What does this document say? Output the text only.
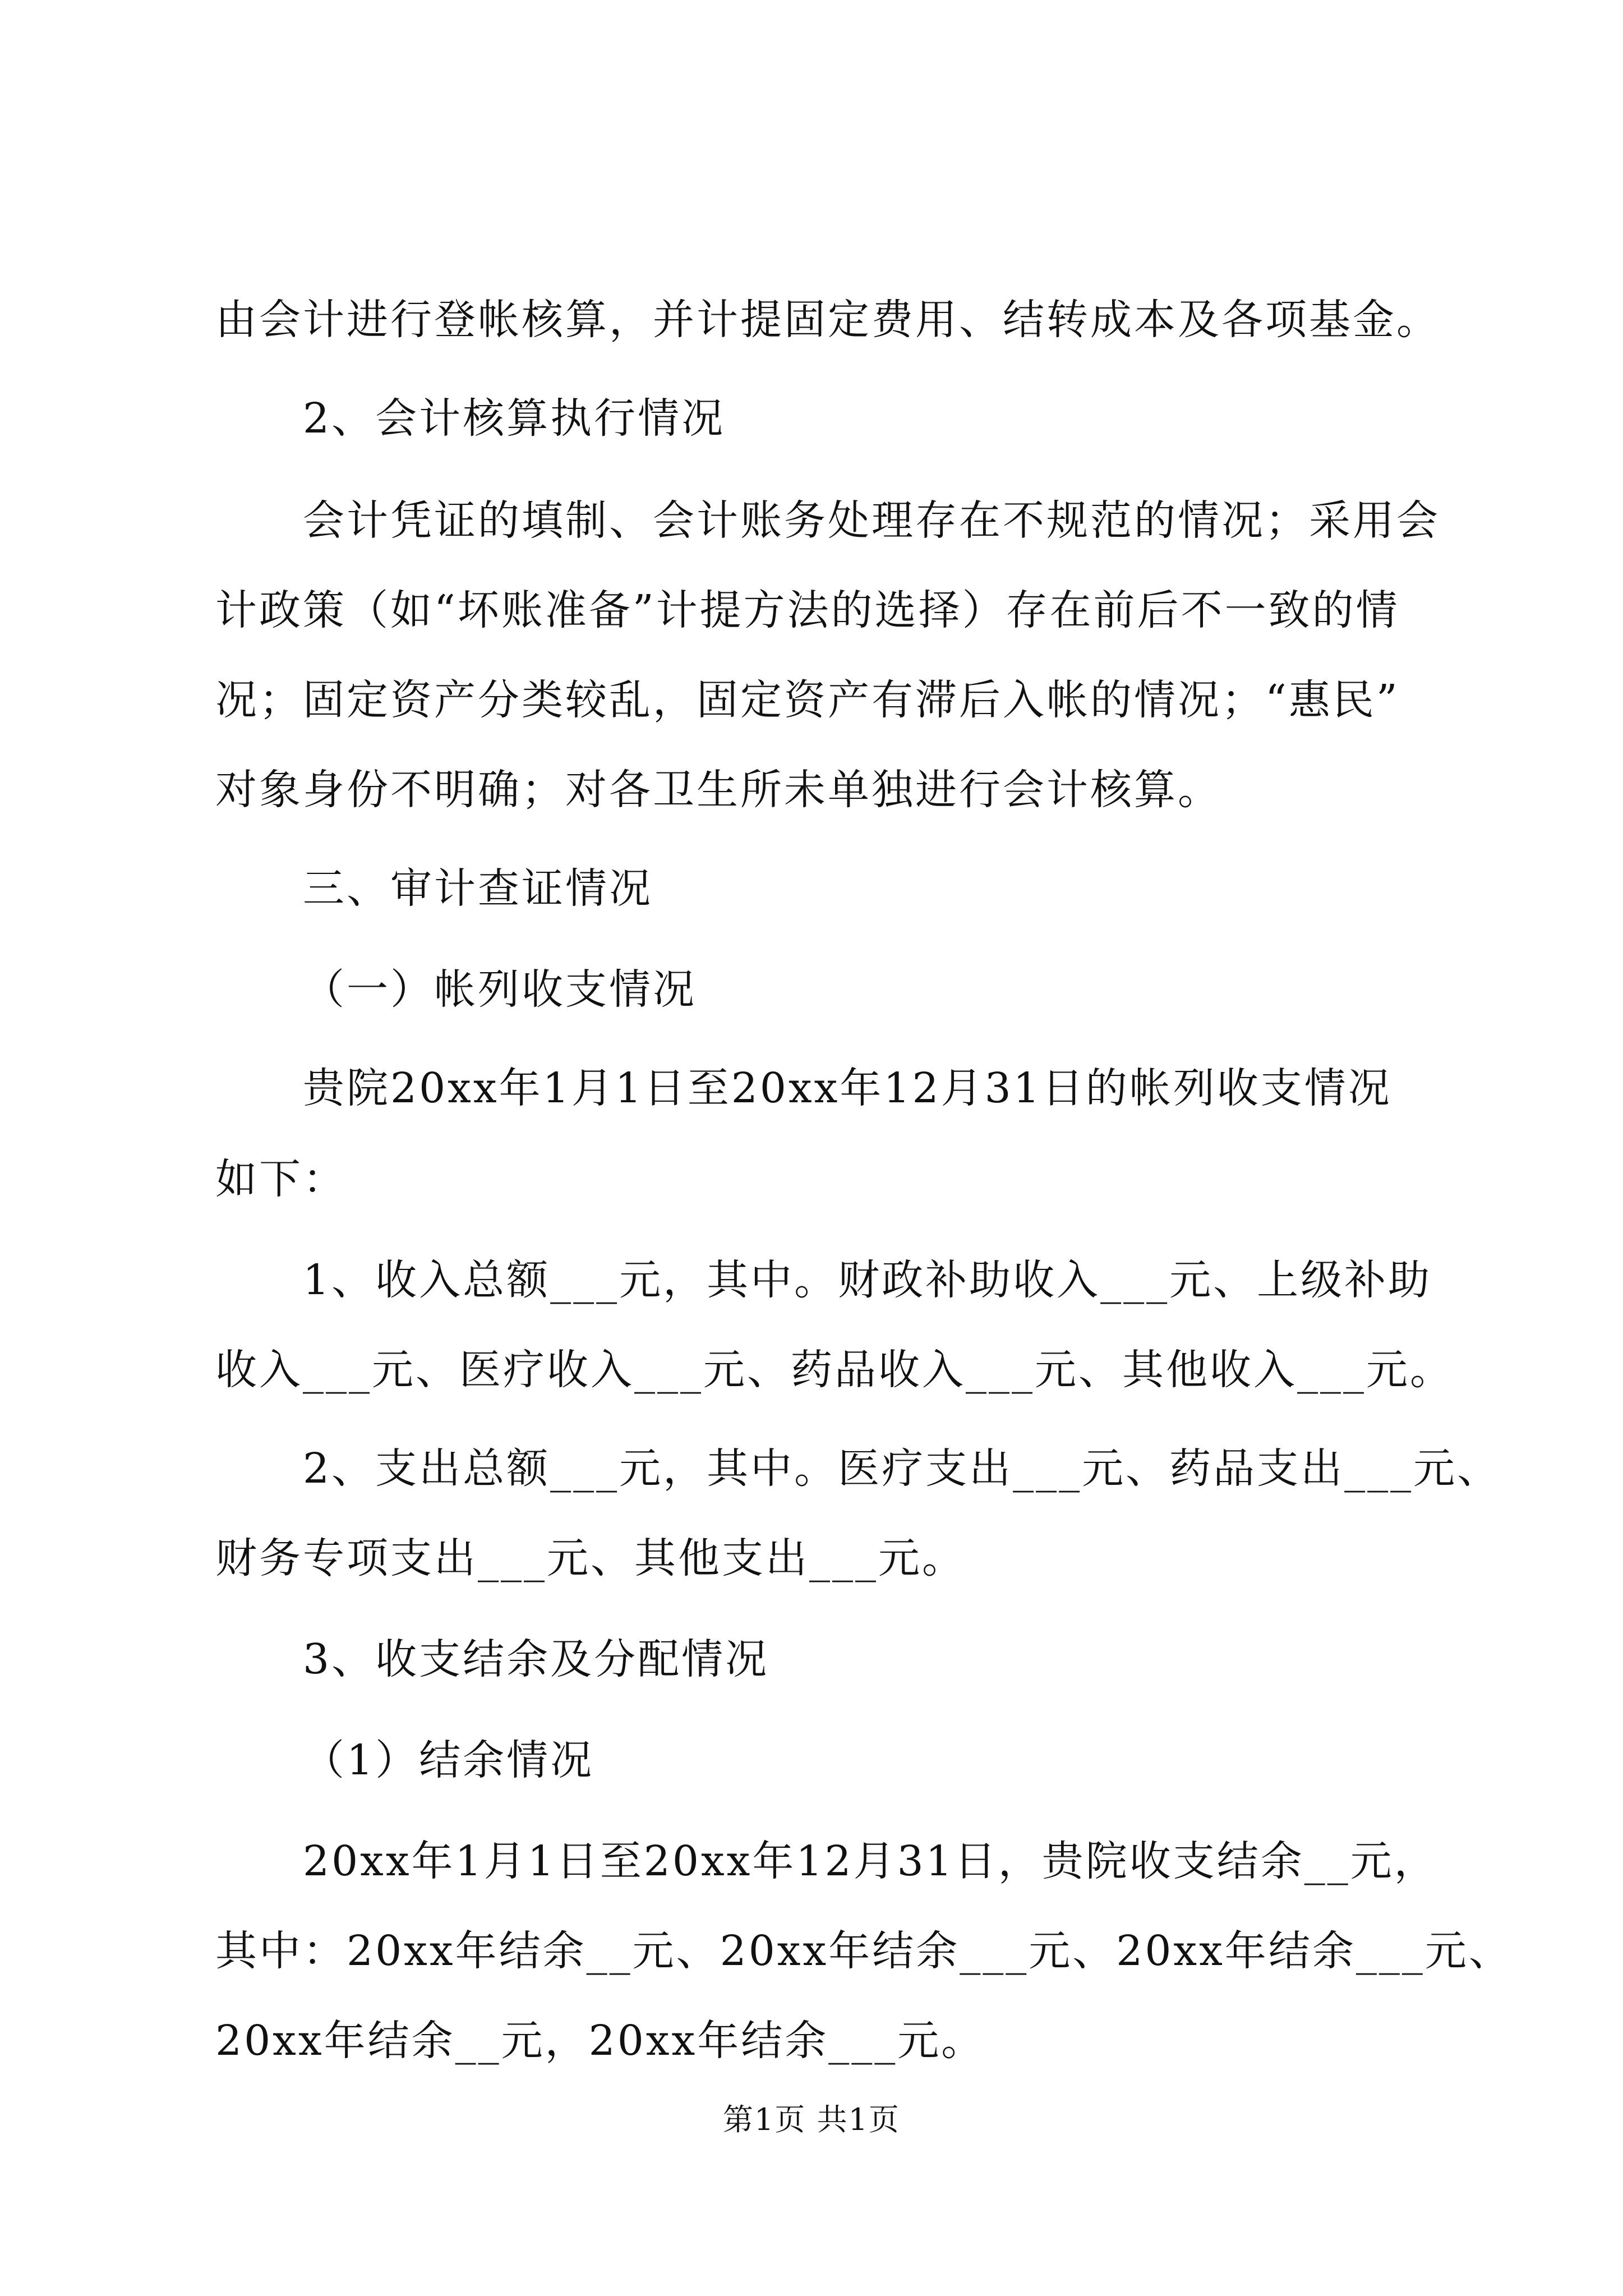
由会计进行登帐核算，并计提固定费用、结转成本及各项基金。
2、会计核算执行情况
会计凭证的填制、会计账务处理存在不规范的情况；采用会
计政策（如“坏账准备”计提方法的选择）存在前后不一致的情
况；固定资产分类较乱，固定资产有滞后入帐的情况；“惠民”
对象身份不明确；对各卫生所未单独进行会计核算。
三、审计查证情况
（一）帐列收支情况
贵院20xx年1月1日至20xx年12月31日的帐列收支情况
如下：
1、收入总额___元，其中。财政补助收入___元、上级补助
收入___元、医疗收入___元、药品收入___元、其他收入___元。
2、支出总额___元，其中。医疗支出___元、药品支出___元、
财务专项支出___元、其他支出___元。
3、收支结余及分配情况
（1）结余情况
20xx年1月1日至20xx年12月31日，贵院收支结余__元，
其中：20xx年结余__元、20xx年结余___元、20xx年结余___元、
20xx年结余__元，20xx年结余___元。
第1页 共1页
